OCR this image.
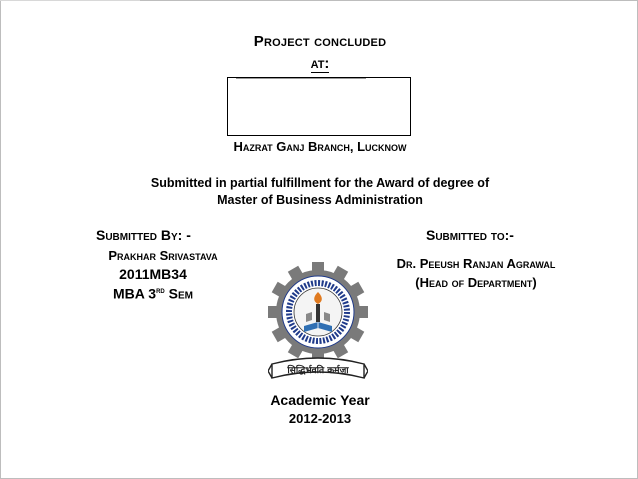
Project concluded
at:
Hazrat Ganj Branch, Lucknow
Submitted in partial fulfillment for the Award of degree of
Master of Business Administration
Submitted By: -
Prakhar Srivastava
2011MB34
MBA 3rd Sem
Submitted to:-
Dr. Peeush Ranjan Agrawal
(Head of Department)
सिद्धिर्भवति कर्मजा
Academic Year
2012-2013
